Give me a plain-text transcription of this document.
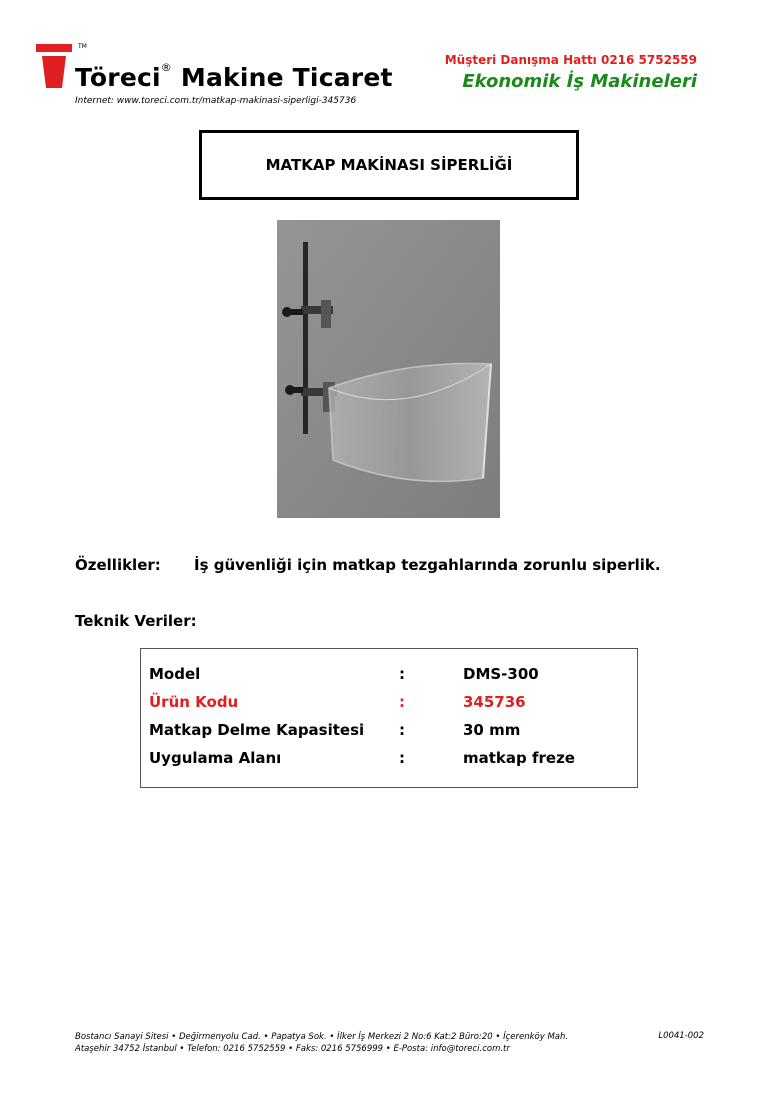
TM
Töreci® Makine Ticaret
Internet: www.toreci.com.tr/matkap-makinasi-siperligi-345736
Müşteri Danışma Hattı 0216 5752559
Ekonomik İş Makineleri
MATKAP MAKİNASI SİPERLİĞİ
Özellikler: İş güvenliği için matkap tezgahlarında zorunlu siperlik.
Teknik Veriler:
Model	:	DMS-300
Ürün Kodu	:	345736
Matkap Delme Kapasitesi :	30 mm
Uygulama Alanı	:	matkap freze
Bostancı Sanayi Sitesi • Değirmenyolu Cad. • Papatya Sok. • İlker İş Merkezi 2 No:6 Kat:2 Büro:20 • İçerenköy Mah.
Ataşehir 34752 İstanbul • Telefon: 0216 5752559 • Faks: 0216 5756999 • E-Posta: info@toreci.com.tr
L0041-002
